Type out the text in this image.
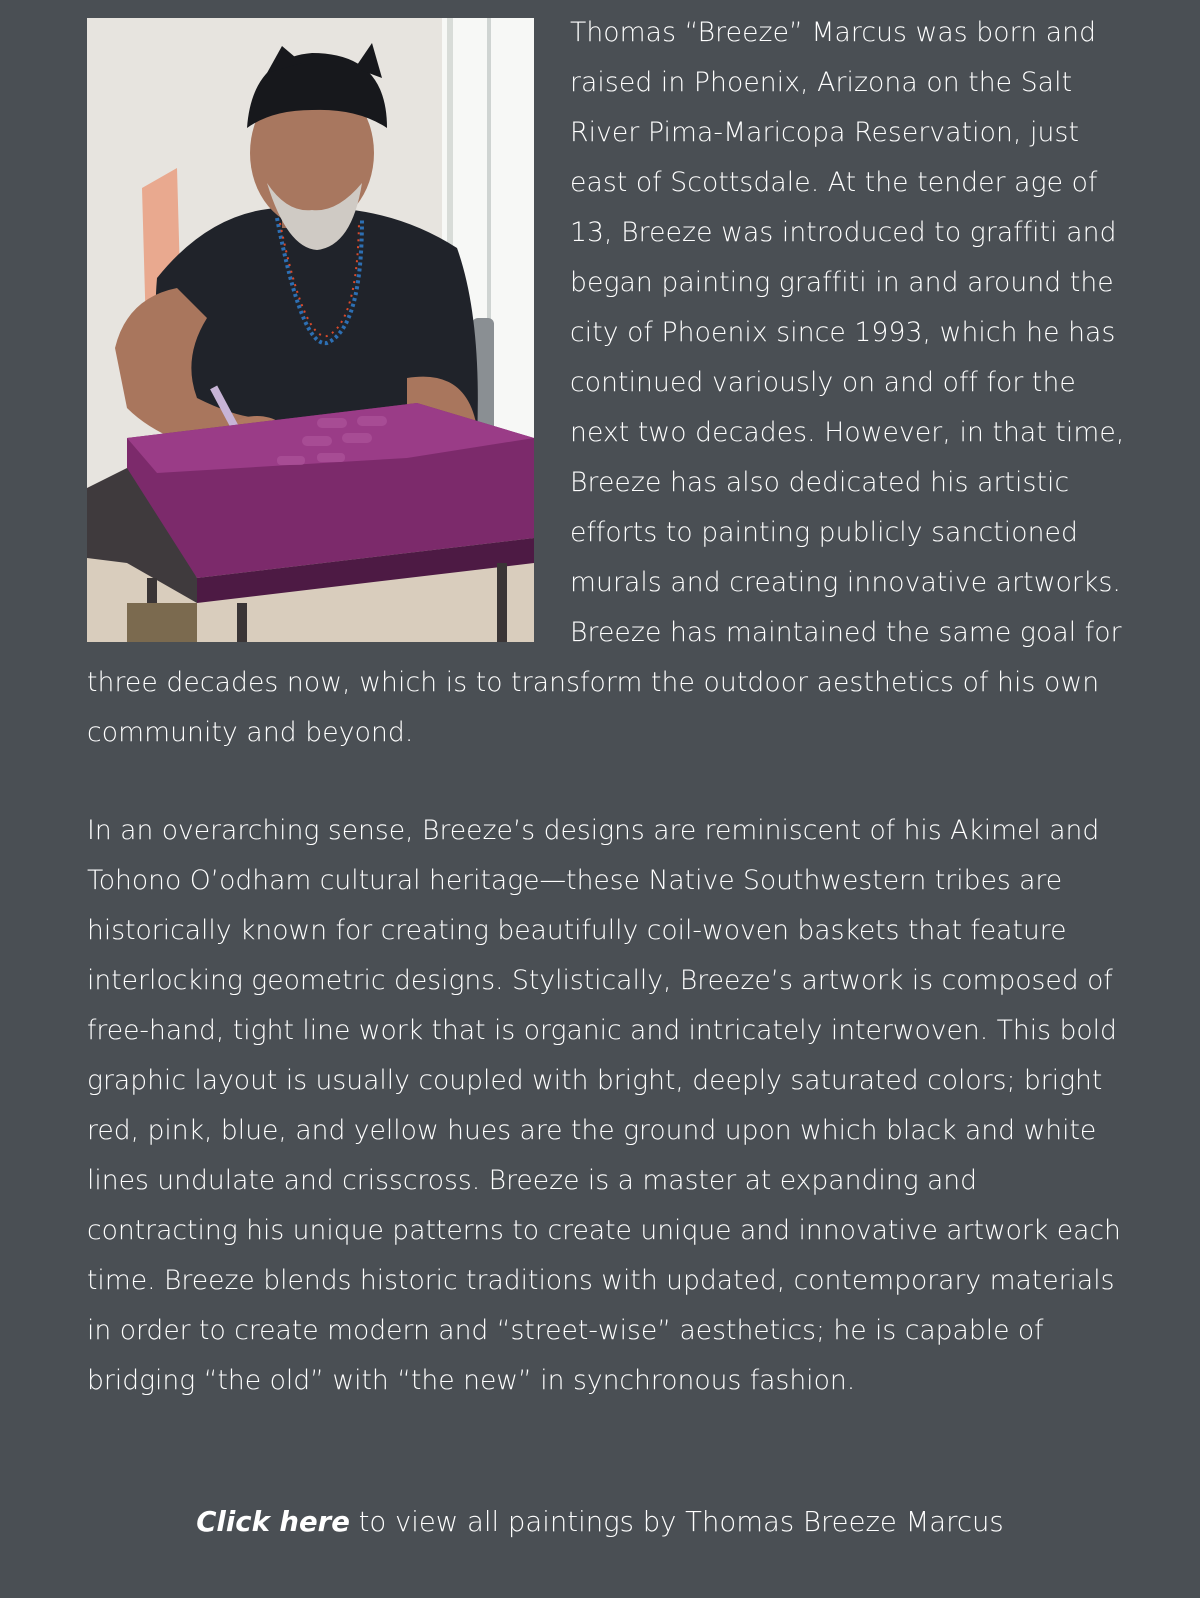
Thomas “Breeze” Marcus was born and raised in Phoenix, Arizona on the Salt River Pima-Maricopa Reservation, just east of Scottsdale. At the tender age of 13, Breeze was introduced to graffiti and began painting graffiti in and around the city of Phoenix since 1993, which he has continued variously on and off for the next two decades. However, in that time, Breeze has also dedicated his artistic efforts to painting publicly sanctioned murals and creating innovative artworks. Breeze has maintained the same goal for three decades now, which is to transform the outdoor aesthetics of his own community and beyond.

In an overarching sense, Breeze’s designs are reminiscent of his Akimel and Tohono O’odham cultural heritage—these Native Southwestern tribes are historically known for creating beautifully coil-woven baskets that feature interlocking geometric designs. Stylistically, Breeze’s artwork is composed of free-hand, tight line work that is organic and intricately interwoven. This bold graphic layout is usually coupled with bright, deeply saturated colors; bright red, pink, blue, and yellow hues are the ground upon which black and white lines undulate and crisscross. Breeze is a master at expanding and contracting his unique patterns to create unique and innovative artwork each time. Breeze blends historic traditions with updated, contemporary materials in order to create modern and “street-wise” aesthetics; he is capable of bridging “the old” with “the new” in synchronous fashion.

Click here to view all paintings by Thomas Breeze Marcus
